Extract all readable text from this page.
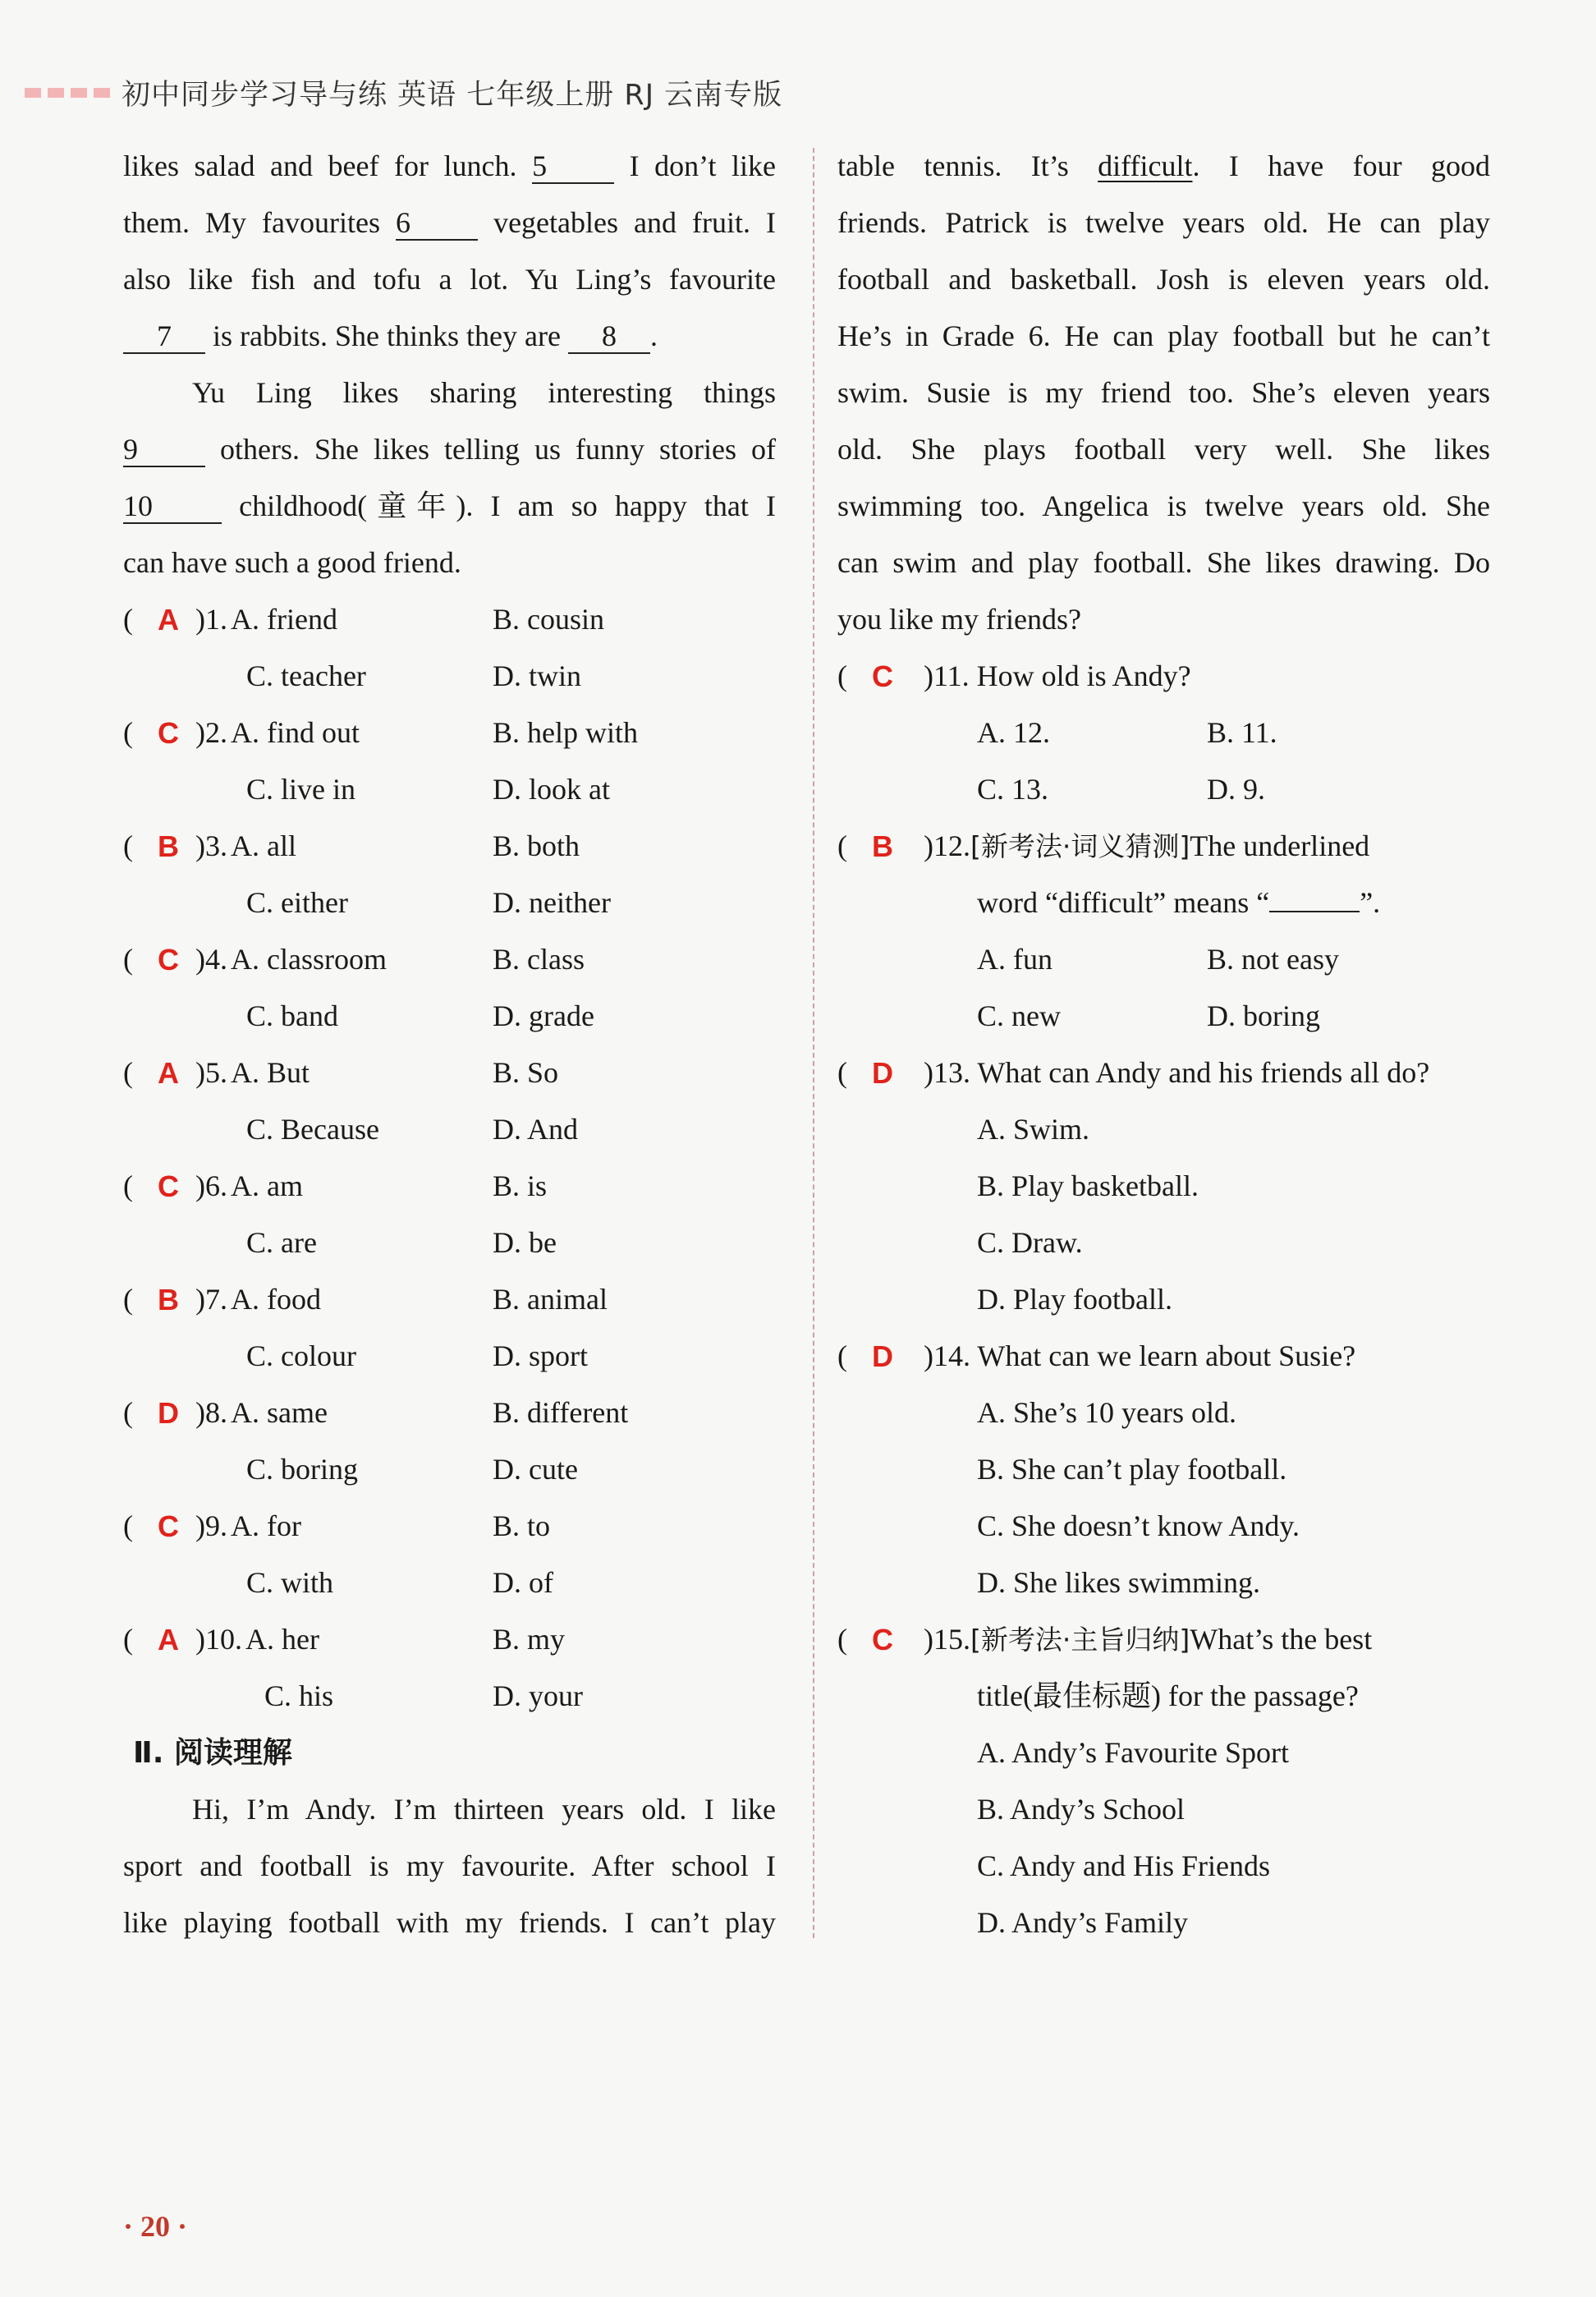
初中同步学习导与练 英语 七年级上册 RJ 云南专版
likes salad and beef for lunch. 5	I don’t like
them. My favourites 6	vegetables and fruit. I
also like fish and tofu a lot. Yu Ling’s favourite
7 is rabbits. She thinks they are 8 .
Yu Ling likes sharing interesting things
9	others. She likes telling us funny stories of
10	childhood(童年). I am so happy that I
can have such a good friend.
( A )1. A. friend	B. cousin
C. teacher	D. twin
( C )2. A. find out	B. help with
C. live in	D. look at
( B )3. A. all	B. both
C. either	D. neither
( C )4. A. classroom	B. class
C. band	D. grade
( A )5. A. But	B. So
C. Because	D. And
( C )6. A. am	B. is
C. are	D. be
( B )7. A. food	B. animal
C. colour	D. sport
( D )8. A. same	B. different
C. boring	D. cute
( C )9. A. for	B. to
C. with	D. of
( A )10. A. her	B. my
C. his	D. your
Ⅱ. 阅读理解
Hi, I’m Andy. I’m thirteen years old. I like
sport and football is my favourite. After school I
like playing football with my friends. I can’t play
table tennis. It’s difficult. I have four good
friends. Patrick is twelve years old. He can play
football and basketball. Josh is eleven years old.
He’s in Grade 6. He can play football but he can’t
swim. Susie is my friend too. She’s eleven years
old. She plays football very well. She likes
swimming too. Angelica is twelve years old. She
can swim and play football. She likes drawing. Do
you like my friends?
( C )11. How old is Andy?
A. 12.	B. 11.
C. 13.	D. 9.
( B )12.[新考法·词义猜测]The underlined
word “difficult” means “	”.
A. fun	B. not easy
C. new	D. boring
( D )13. What can Andy and his friends all do?
A. Swim.
B. Play basketball.
C. Draw.
D. Play football.
( D )14. What can we learn about Susie?
A. She’s 10 years old.
B. She can’t play football.
C. She doesn’t know Andy.
D. She likes swimming.
( C )15.[新考法·主旨归纳]What’s the best
title(最佳标题) for the passage?
A. Andy’s Favourite Sport
B. Andy’s School
C. Andy and His Friends
D. Andy’s Family
· 20 ·
